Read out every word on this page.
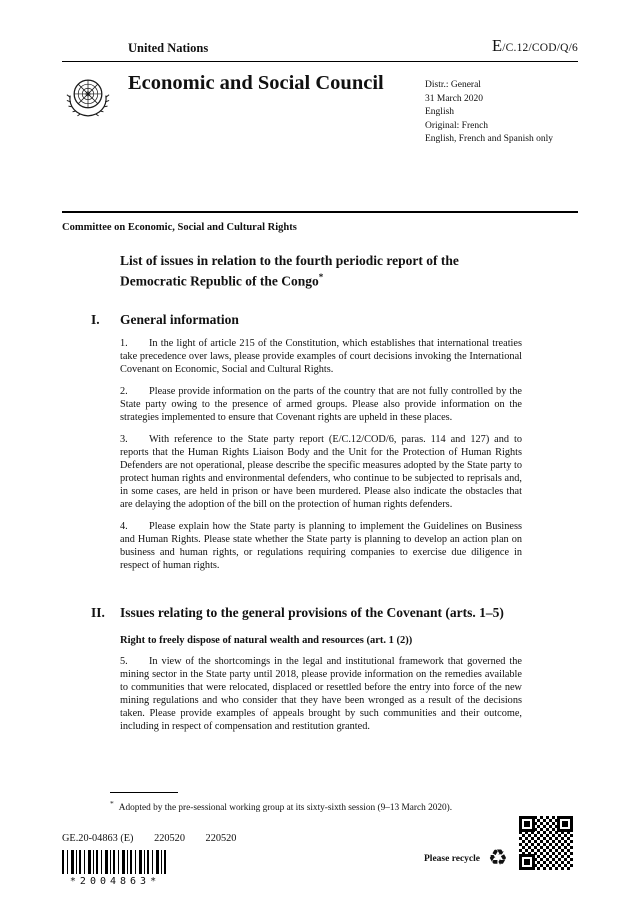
United Nations	E/C.12/COD/Q/6
Economic and Social Council	Distr.: General
31 March 2020
English
Original: French
English, French and Spanish only
Committee on Economic, Social and Cultural Rights
List of issues in relation to the fourth periodic report of the Democratic Republic of the Congo*
I.	General information

1. In the light of article 215 of the Constitution, which establishes that international treaties take precedence over laws, please provide examples of court decisions invoking the International Covenant on Economic, Social and Cultural Rights.

2. Please provide information on the parts of the country that are not fully controlled by the State party owing to the presence of armed groups. Please also provide information on the strategies implemented to ensure that Covenant rights are upheld in these places.

3. With reference to the State party report (E/C.12/COD/6, paras. 114 and 127) and to reports that the Human Rights Liaison Body and the Unit for the Protection of Human Rights Defenders are not operational, please describe the specific measures adopted by the State party to protect human rights and environmental defenders, who continue to be subjected to reprisals and, in some cases, are held in prison or have been murdered. Please also indicate the obstacles that are delaying the adoption of the bill on the protection of human rights defenders.

4. Please explain how the State party is planning to implement the Guidelines on Business and Human Rights. Please state whether the State party is planning to develop an action plan on business and human rights, or regulations requiring companies to exercise due diligence in respect of human rights.

II.	Issues relating to the general provisions of the Covenant (arts. 1–5)
Right to freely dispose of natural wealth and resources (art. 1 (2))

5. In view of the shortcomings in the legal and institutional framework that governed the mining sector in the State party until 2018, please provide information on the remedies available to communities that were relocated, displaced or resettled before the entry into force of the new mining regulations and who consider that they have been wronged as a result of the decisions taken. Please provide examples of appeals brought by such communities and their outcome, including in respect of compensation and restitution granted.

* Adopted by the pre-sessional working group at its sixty-sixth session (9–13 March 2020).
GE.20-04863 (E) 220520 220520
*2004863*
Please recycle ♻
